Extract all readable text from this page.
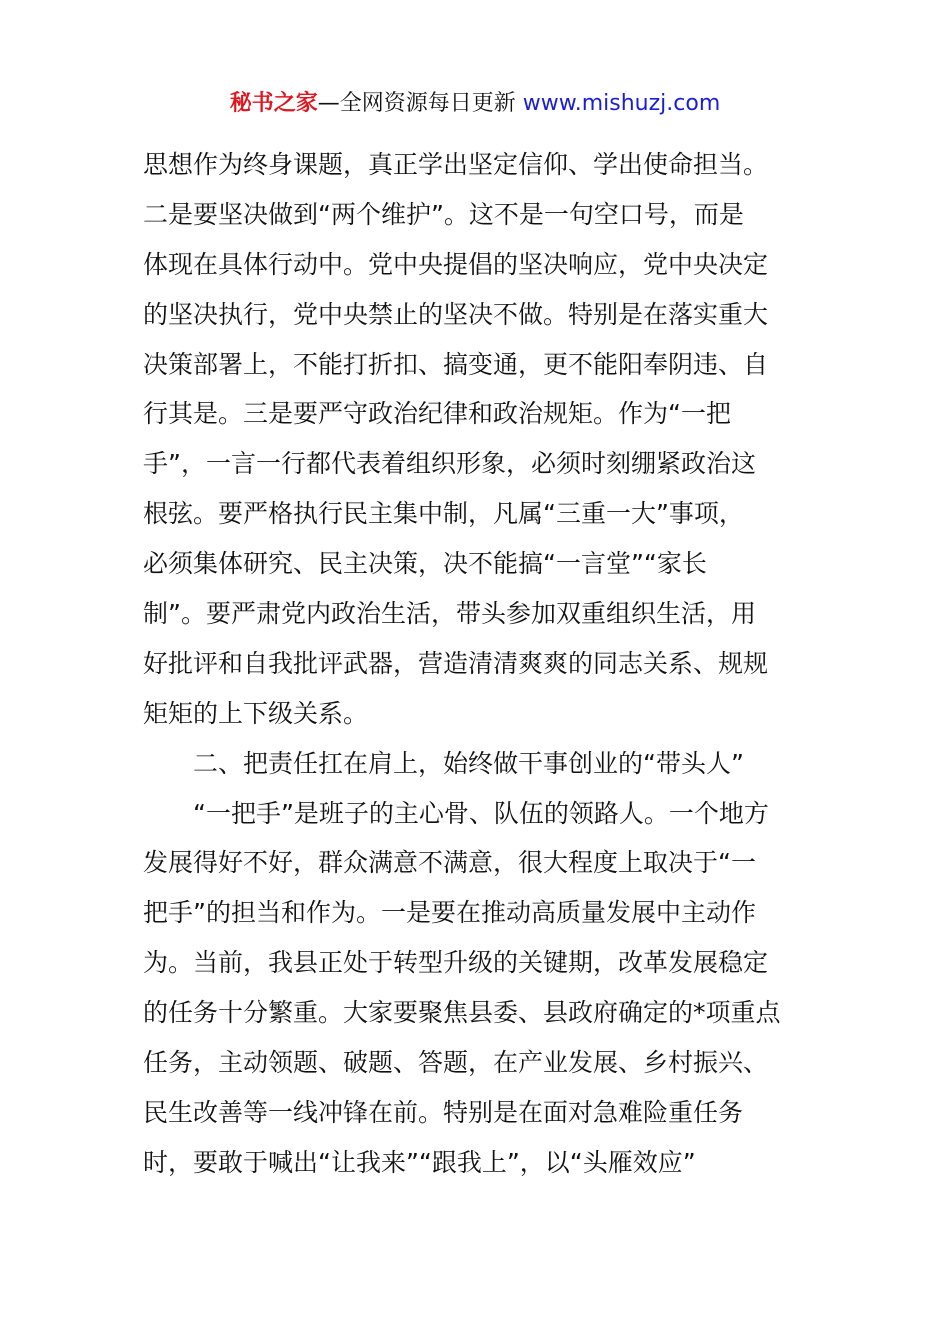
秘书之家—全网资源每日更新 www.mishuzj.com
思想作为终身课题，真正学出坚定信仰、学出使命担当。
二是要坚决做到“两个维护”。这不是一句空口号，而是
体现在具体行动中。党中央提倡的坚决响应，党中央决定
的坚决执行，党中央禁止的坚决不做。特别是在落实重大
决策部署上，不能打折扣、搞变通，更不能阳奉阴违、自
行其是。三是要严守政治纪律和政治规矩。作为“一把
手”，一言一行都代表着组织形象，必须时刻绷紧政治这
根弦。要严格执行民主集中制，凡属“三重一大”事项，
必须集体研究、民主决策，决不能搞“一言堂”“家长
制”。要严肃党内政治生活，带头参加双重组织生活，用
好批评和自我批评武器，营造清清爽爽的同志关系、规规
矩矩的上下级关系。
二、把责任扛在肩上，始终做干事创业的“带头人”
“一把手”是班子的主心骨、队伍的领路人。一个地方
发展得好不好，群众满意不满意，很大程度上取决于“一
把手”的担当和作为。一是要在推动高质量发展中主动作
为。当前，我县正处于转型升级的关键期，改革发展稳定
的任务十分繁重。大家要聚焦县委、县政府确定的*项重点
任务，主动领题、破题、答题，在产业发展、乡村振兴、
民生改善等一线冲锋在前。特别是在面对急难险重任务
时，要敢于喊出“让我来”“跟我上”，以“头雁效应”
